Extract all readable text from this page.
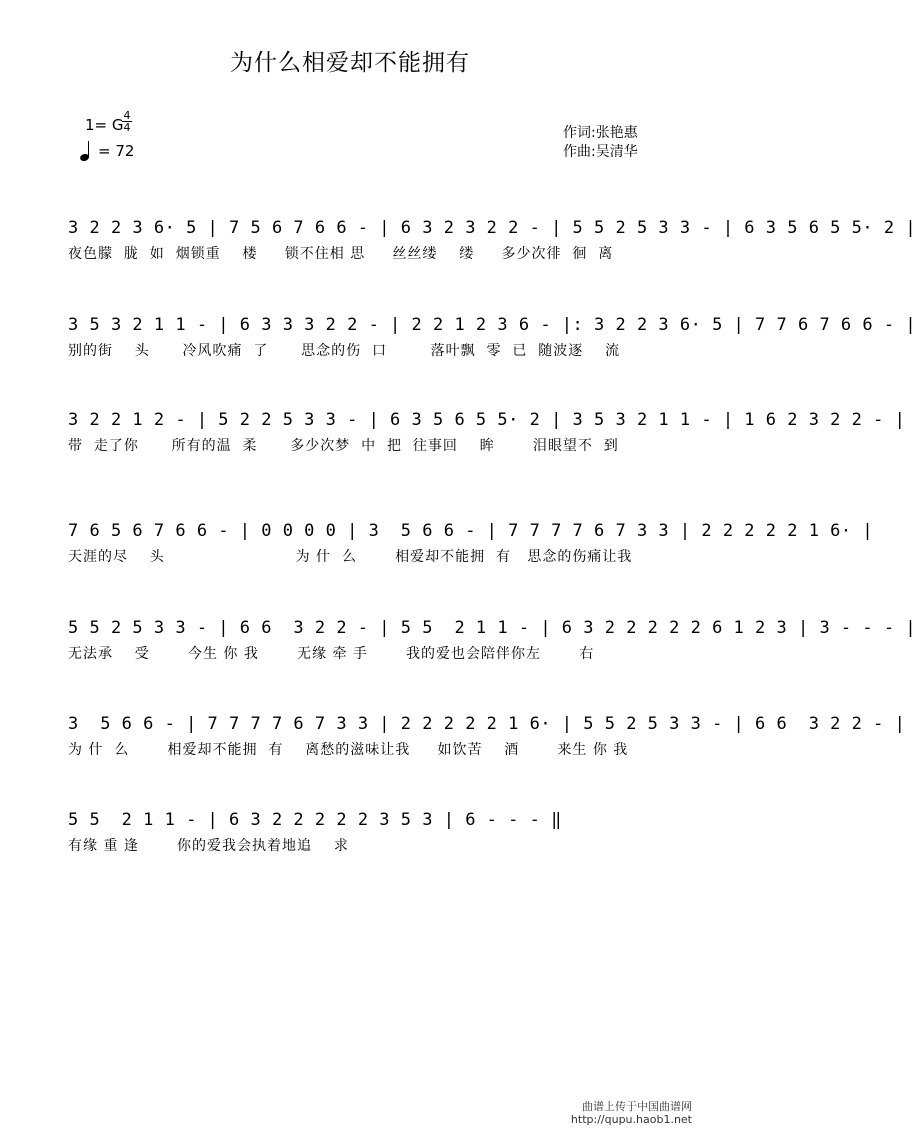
为什么相爱却不能拥有
1= G
4
4
= 72
作词:张艳惠
作曲:吴清华
3 2 2 3 6· 5 | 7 5 6 7 6 6 - | 6 3 2 3 2 2 - | 5 5 2 5 3 3 - | 6 3 5 6 5 5· 2 |
夜色朦  胧  如  烟锁重    楼     锁不住相 思     丝丝缕    缕     多少次徘  徊  离
3 5 3 2 1 1 - | 6 3 3 3 2 2 - | 2 2 1 2 3 6 - |: 3 2 2 3 6· 5 | 7 7 6 7 6 6 - |
别的街    头      冷风吹痛  了      思念的伤  口        落叶飘  零  已  随波逐    流
3 2 2 1 2 - | 5 2 2 5 3 3 - | 6 3 5 6 5 5· 2 | 3 5 3 2 1 1 - | 1 6 2 3 2 2 - |
带  走了你      所有的温  柔      多少次梦  中  把  往事回    眸       泪眼望不  到
7 6 5 6 7 6 6 - | 0 0 0 0 | 3  5 6 6 - | 7 7 7 7 6 7 3 3 | 2 2 2 2 2 1 6· |
天涯的尽    头                        为 什  么       相爱却不能拥  有   思念的伤痛让我
5 5 2 5 3 3 - | 6 6  3 2 2 - | 5 5  2 1 1 - | 6 3 2 2 2 2 2 6 1 2 3 | 3 - - - |
无法承    受       今生 你 我       无缘 牵 手       我的爱也会陪伴你左       右
3  5 6 6 - | 7 7 7 7 6 7 3 3 | 2 2 2 2 2 1 6· | 5 5 2 5 3 3 - | 6 6  3 2 2 - |
为 什  么       相爱却不能拥  有    离愁的滋味让我     如饮苦    酒       来生 你 我
5 5  2 1 1 - | 6 3 2 2 2 2 2 3 5 3 | 6 - - - ‖
有缘 重 逢       你的爱我会执着地追    求
曲谱上传于中国曲谱网
http://qupu.haob1.net
